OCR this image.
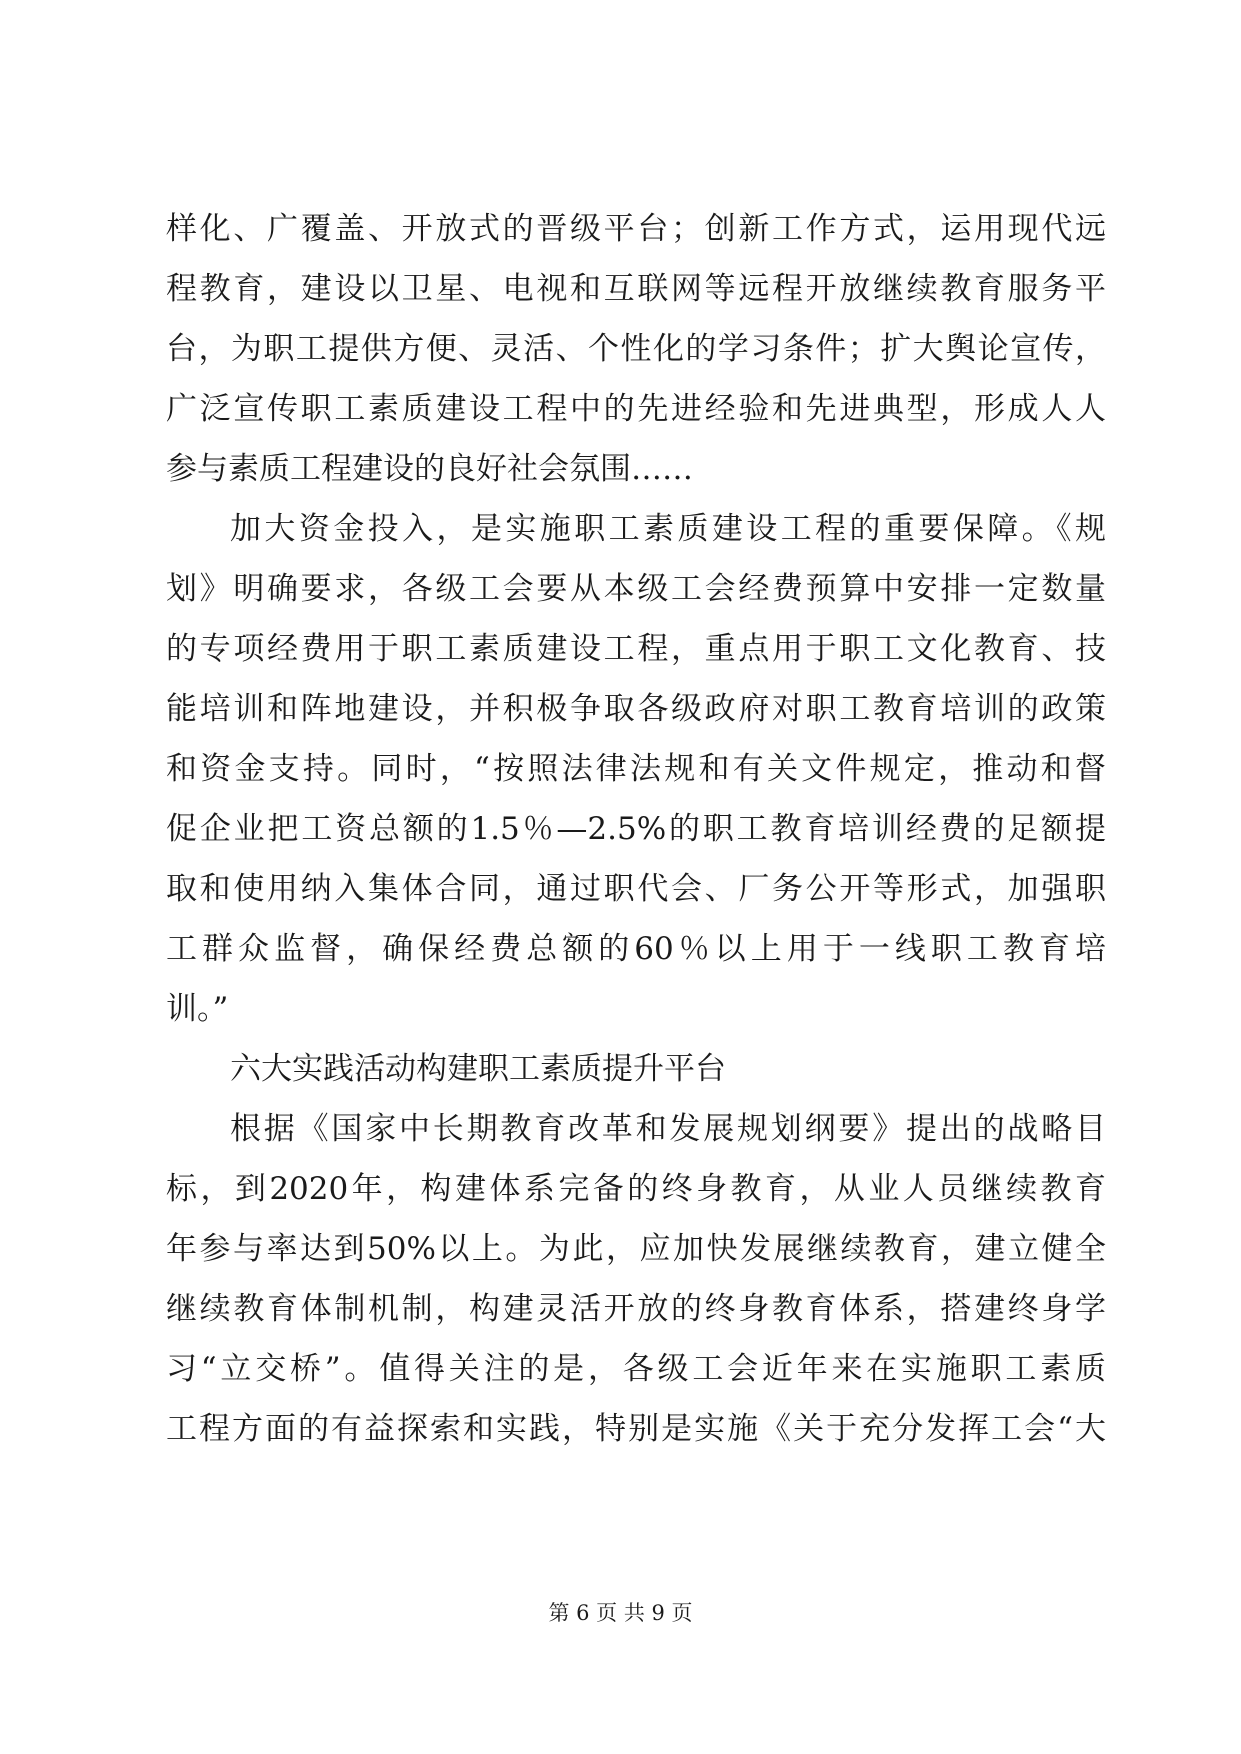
样化、广覆盖、开放式的晋级平台；创新工作方式，运用现代远
程教育，建设以卫星、电视和互联网等远程开放继续教育服务平
台，为职工提供方便、灵活、个性化的学习条件；扩大舆论宣传，
广泛宣传职工素质建设工程中的先进经验和先进典型，形成人人
参与素质工程建设的良好社会氛围……
加大资金投入，是实施职工素质建设工程的重要保障。《规
划》明确要求，各级工会要从本级工会经费预算中安排一定数量
的专项经费用于职工素质建设工程，重点用于职工文化教育、技
能培训和阵地建设，并积极争取各级政府对职工教育培训的政策
和资金支持。同时，“按照法律法规和有关文件规定，推动和督
促企业把工资总额的1.5％—2.5%的职工教育培训经费的足额提
取和使用纳入集体合同，通过职代会、厂务公开等形式，加强职
工群众监督，确保经费总额的60％以上用于一线职工教育培
训。”
六大实践活动构建职工素质提升平台
根据《国家中长期教育改革和发展规划纲要》提出的战略目
标，到2020年，构建体系完备的终身教育，从业人员继续教育
年参与率达到50%以上。为此，应加快发展继续教育，建立健全
继续教育体制机制，构建灵活开放的终身教育体系，搭建终身学
习“立交桥”。值得关注的是，各级工会近年来在实施职工素质
工程方面的有益探索和实践，特别是实施《关于充分发挥工会“大
第 6 页 共 9 页
